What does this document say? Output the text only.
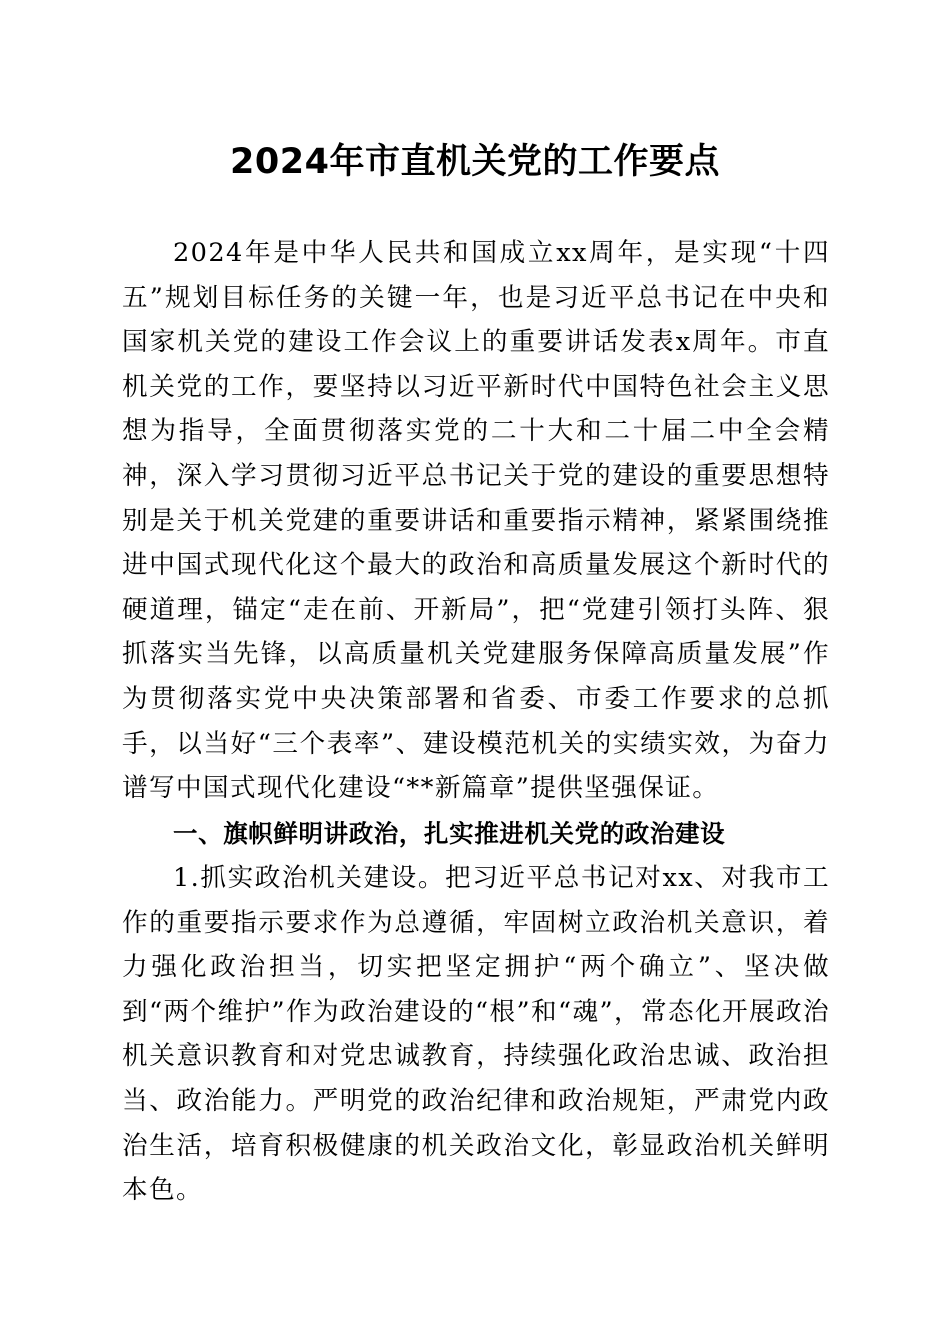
2024年市直机关党的工作要点

2024年是中华人民共和国成立xx周年，是实现“十四五”规划目标任务的关键一年，也是习近平总书记在中央和国家机关党的建设工作会议上的重要讲话发表x周年。市直机关党的工作，要坚持以习近平新时代中国特色社会主义思想为指导，全面贯彻落实党的二十大和二十届二中全会精神，深入学习贯彻习近平总书记关于党的建设的重要思想特别是关于机关党建的重要讲话和重要指示精神，紧紧围绕推进中国式现代化这个最大的政治和高质量发展这个新时代的硬道理，锚定“走在前、开新局”，把“党建引领打头阵、狠抓落实当先锋，以高质量机关党建服务保障高质量发展”作为贯彻落实党中央决策部署和省委、市委工作要求的总抓手，以当好“三个表率”、建设模范机关的实绩实效，为奋力谱写中国式现代化建设“**新篇章”提供坚强保证。

一、旗帜鲜明讲政治，扎实推进机关党的政治建设

1.抓实政治机关建设。把习近平总书记对xx、对我市工作的重要指示要求作为总遵循，牢固树立政治机关意识，着力强化政治担当，切实把坚定拥护“两个确立”、坚决做到“两个维护”作为政治建设的“根”和“魂”，常态化开展政治机关意识教育和对党忠诚教育，持续强化政治忠诚、政治担当、政治能力。严明党的政治纪律和政治规矩，严肃党内政治生活，培育积极健康的机关政治文化，彰显政治机关鲜明本色。
